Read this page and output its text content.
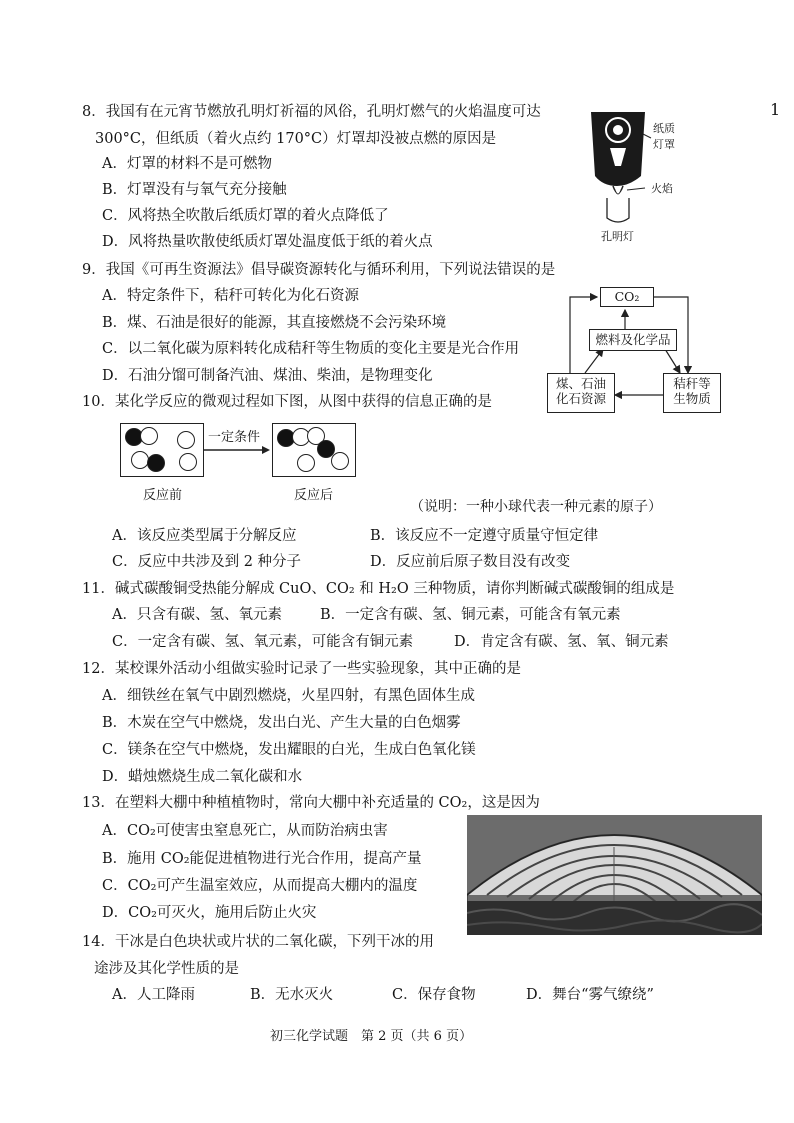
1
8．我国有在元宵节燃放孔明灯祈福的风俗，孔明灯燃气的火焰温度可达
300°C，但纸质（着火点约 170°C）灯罩却没被点燃的原因是
A．灯罩的材料不是可燃物
B．灯罩没有与氧气充分接触
C．风将热全吹散后纸质灯罩的着火点降低了
D．风将热量吹散使纸质灯罩处温度低于纸的着火点
纸质
灯罩
火焰
孔明灯
9．我国《可再生资源法》倡导碳资源转化与循环利用，下列说法错误的是
A．特定条件下，秸秆可转化为化石资源
B．煤、石油是很好的能源，其直接燃烧不会污染环境
C．以二氧化碳为原料转化成秸秆等生物质的变化主要是光合作用
D．石油分馏可制备汽油、煤油、柴油，是物理变化
CO₂
燃料及化学品
煤、石油
化石资源
秸秆等
生物质
10．某化学反应的微观过程如下图，从图中获得的信息正确的是
一定条件
反应前	反应后
（说明：一种小球代表一种元素的原子）
A．该反应类型属于分解反应	B．该反应不一定遵守质量守恒定律
C．反应中共涉及到 2 种分子	D．反应前后原子数目没有改变
11．碱式碳酸铜受热能分解成 CuO、CO₂ 和 H₂O 三种物质，请你判断碱式碳酸铜的组成是
A．只含有碳、氢、氧元素	B．一定含有碳、氢、铜元素，可能含有氧元素
C．一定含有碳、氢、氧元素，可能含有铜元素	D．肯定含有碳、氢、氧、铜元素
12．某校课外活动小组做实验时记录了一些实验现象，其中正确的是
A．细铁丝在氧气中剧烈燃烧，火星四射，有黑色固体生成
B．木炭在空气中燃烧，发出白光、产生大量的白色烟雾
C．镁条在空气中燃烧，发出耀眼的白光，生成白色氧化镁
D．蜡烛燃烧生成二氧化碳和水
13．在塑料大棚中种植植物时，常向大棚中补充适量的 CO₂，这是因为
A．CO₂可使害虫窒息死亡，从而防治病虫害
B．施用 CO₂能促进植物进行光合作用，提高产量
C．CO₂可产生温室效应，从而提高大棚内的温度
D．CO₂可灭火，施用后防止火灾
14．干冰是白色块状或片状的二氧化碳，下列干冰的用
途涉及其化学性质的是
A．人工降雨	B．无水灭火	C．保存食物	D．舞台“雾气缭绕”
初三化学试题　第 2 页（共 6 页）
